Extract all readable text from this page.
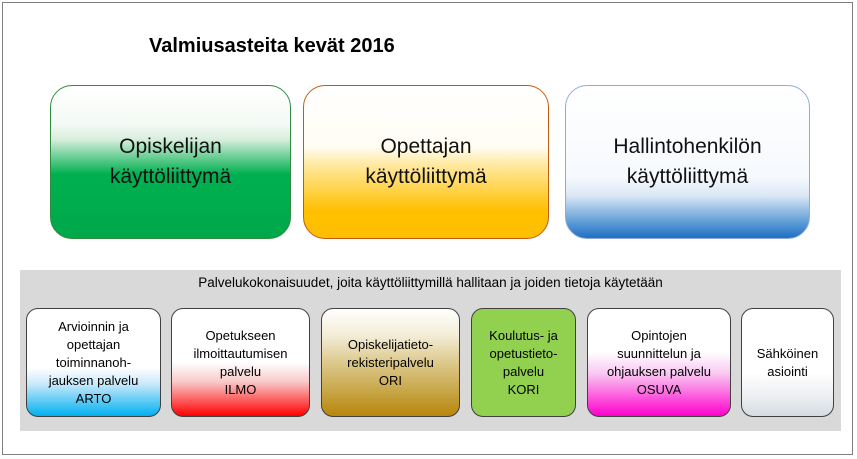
Valmiusasteita kevät 2016
Opiskelijan
käyttöliittymä
Opettajan
käyttöliittymä
Hallintohenkilön
käyttöliittymä
Palvelukokonaisuudet, joita käyttöliittymillä hallitaan ja joiden tietoja käytetään
Arvioinnin ja
opettajan
toiminnanoh-
jauksen palvelu
ARTO
Opetukseen
ilmoittautumisen
palvelu
ILMO
Opiskelijatieto-
rekisteripalvelu
ORI
Koulutus- ja
opetustieto-
palvelu
KORI
Opintojen
suunnittelun ja
ohjauksen palvelu
OSUVA
Sähköinen
asiointi
